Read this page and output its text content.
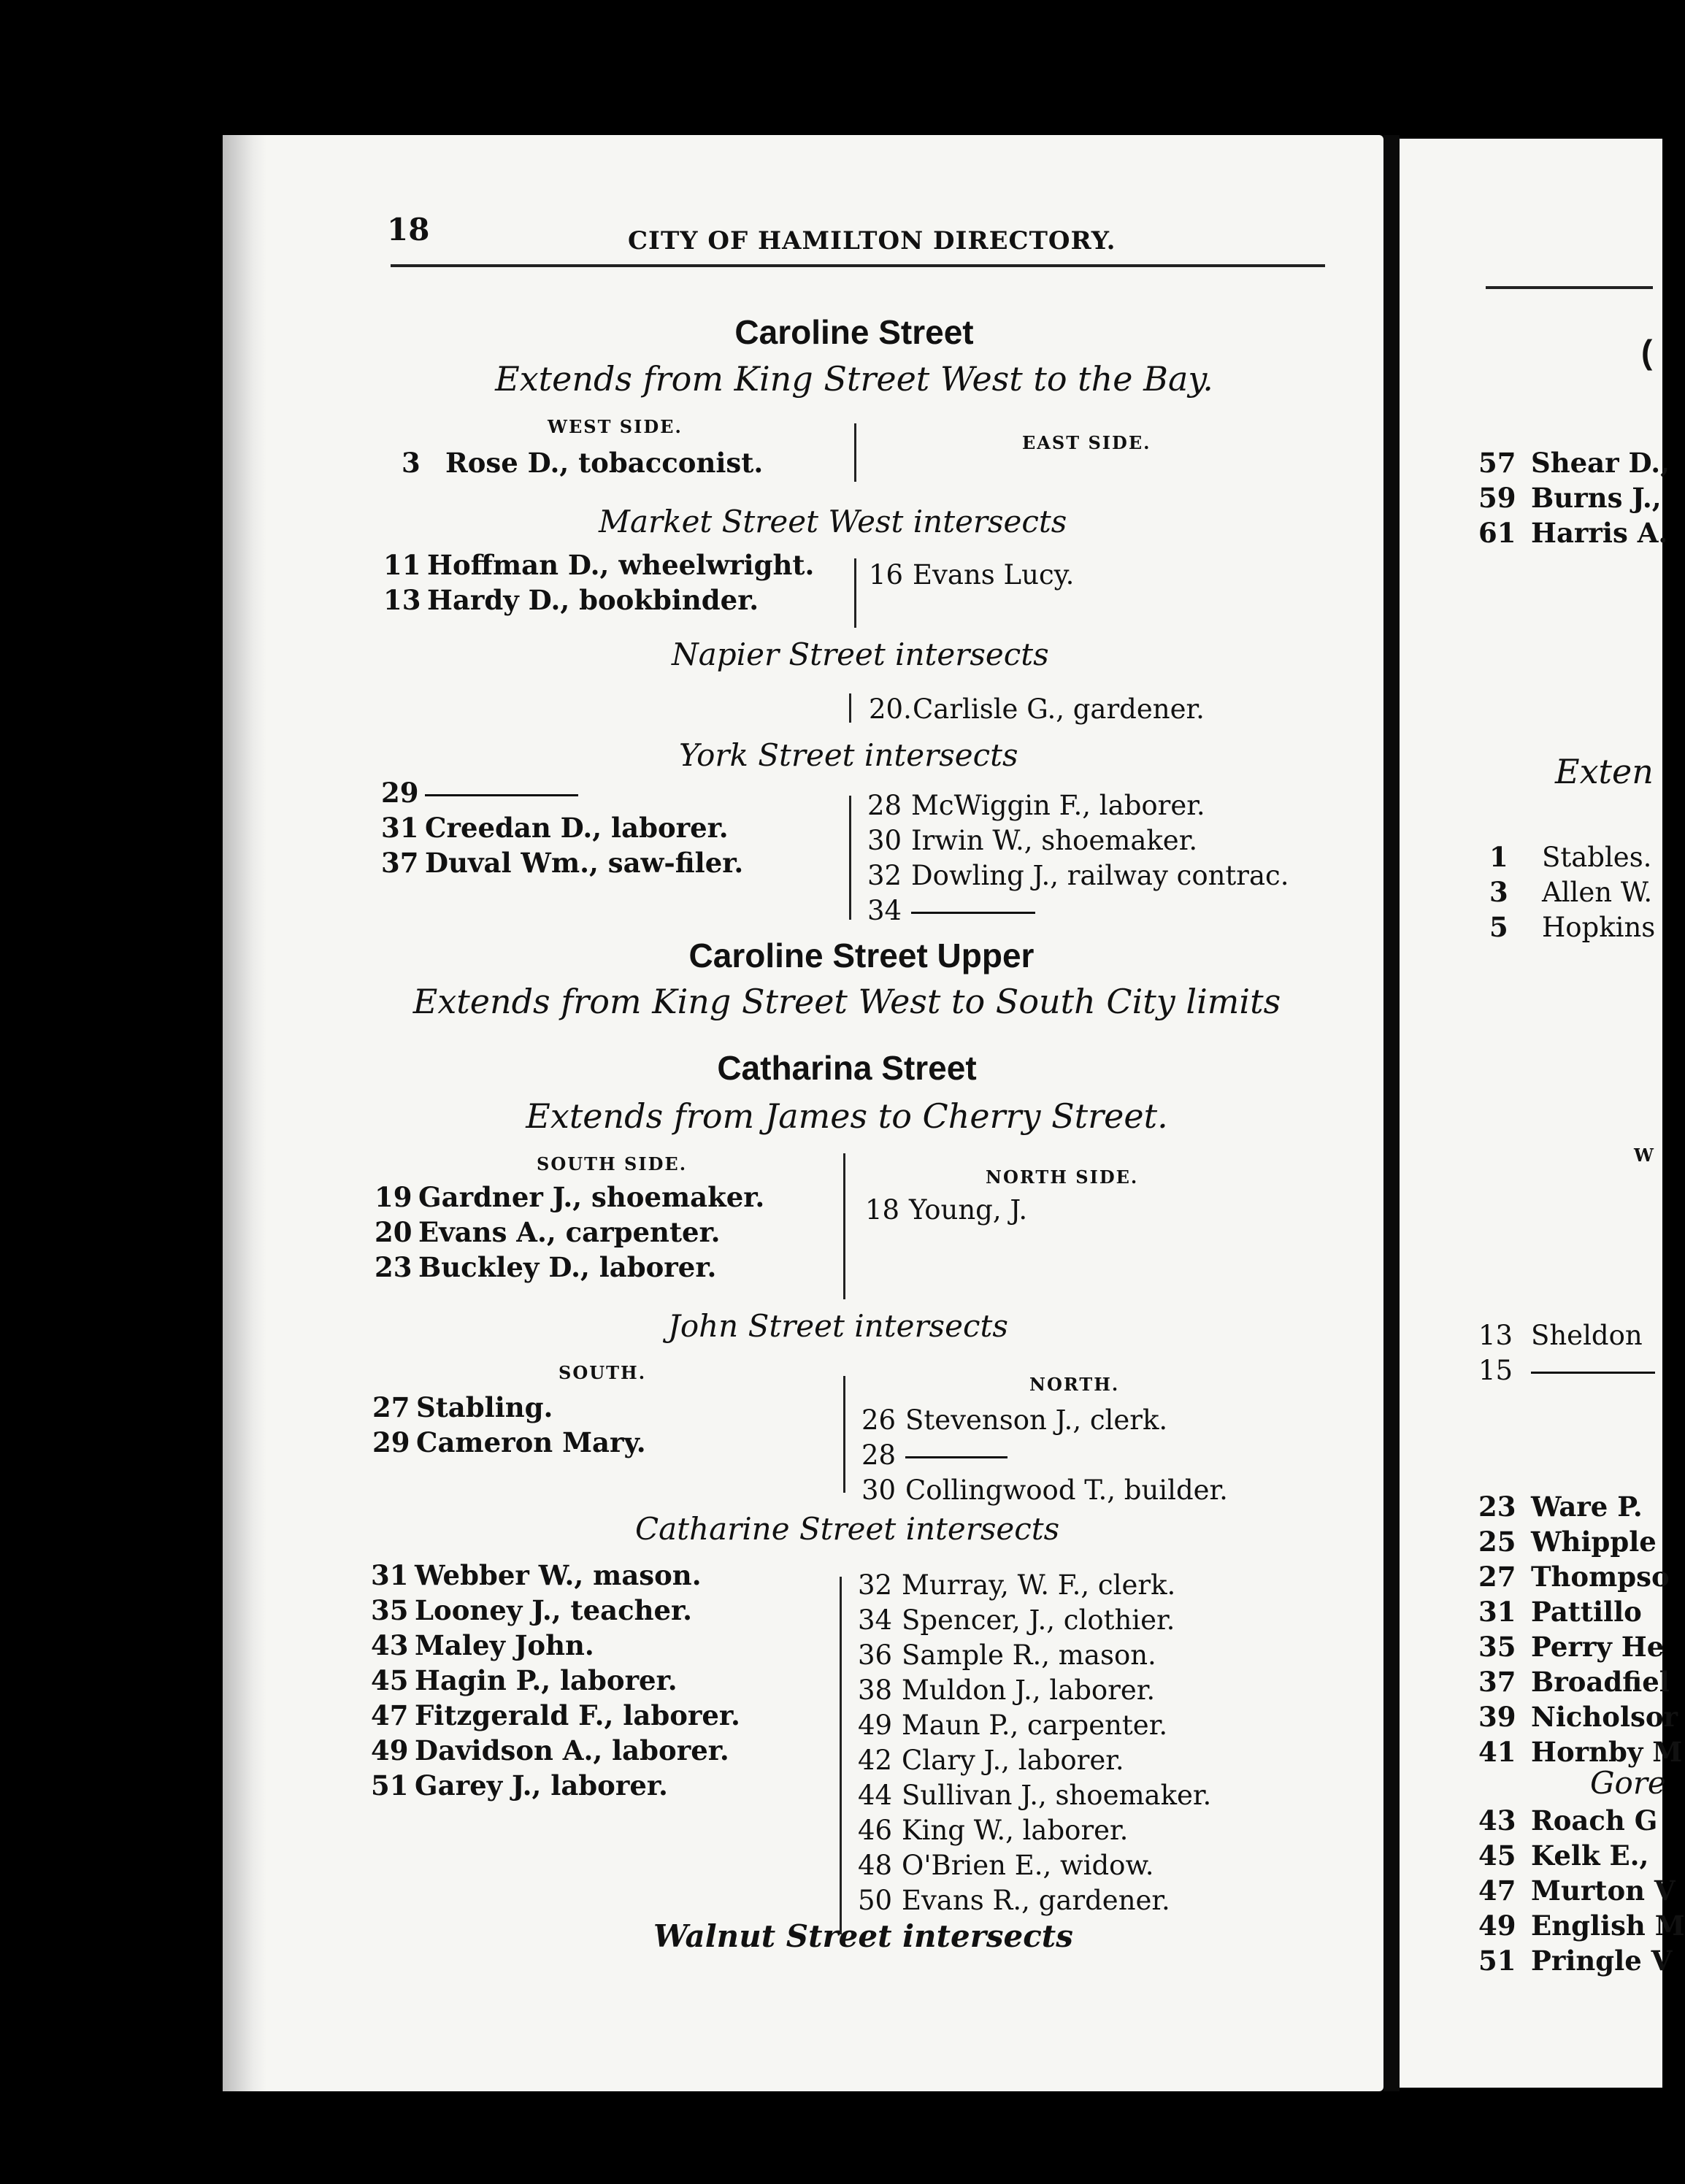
18	CITY OF HAMILTON DIRECTORY.
Caroline Street
Extends from King Street West to the Bay.
WEST SIDE.
EAST SIDE.
3 Rose D., tobacconist.
Market Street West intersects
11 Hoffman D., wheelwright.
13 Hardy D., bookbinder.
16 Evans Lucy.
Napier Street intersects
20.Carlisle G., gardener.
York Street intersects
29
31 Creedan D., laborer.
37 Duval Wm., saw-filer.
28 McWiggin F., laborer.
30 Irwin W., shoemaker.
32 Dowling J., railway contrac.
34
Caroline Street Upper
Extends from King Street West to South City limits
Catharina Street
Extends from James to Cherry Street.
SOUTH SIDE.
NORTH SIDE.
19 Gardner J., shoemaker.
20 Evans A., carpenter.
23 Buckley D., laborer.
18 Young, J.
John Street intersects
SOUTH.
NORTH.
27 Stabling.
29 Cameron Mary.
26 Stevenson J., clerk.
28
30 Collingwood T., builder.
Catharine Street intersects
31 Webber W., mason.
35 Looney J., teacher.
43 Maley John.
45 Hagin P., laborer.
47 Fitzgerald F., laborer.
49 Davidson A., laborer.
51 Garey J., laborer.
32 Murray, W. F., clerk.
34 Spencer, J., clothier.
36 Sample R., mason.
38 Muldon J., laborer.
49 Maun P., carpenter.
42 Clary J., laborer.
44 Sullivan J., shoemaker.
46 King W., laborer.
48 O'Brien E., widow.
50 Evans R., gardener.
Walnut Street intersects
(
57 Shear D.,
59 Burns J.,
61 Harris A.
Exten
1 Stables.
3 Allen W.
5 Hopkins
W
13 Sheldon
15
23 Ware P.
25 Whipple
27 Thompso
31 Pattillo
35 Perry He
37 Broadfiel
39 Nicholsor
41 Hornby M
Gore
43 Roach G
45 Kelk E.,
47 Murton V
49 English M
51 Pringle V
